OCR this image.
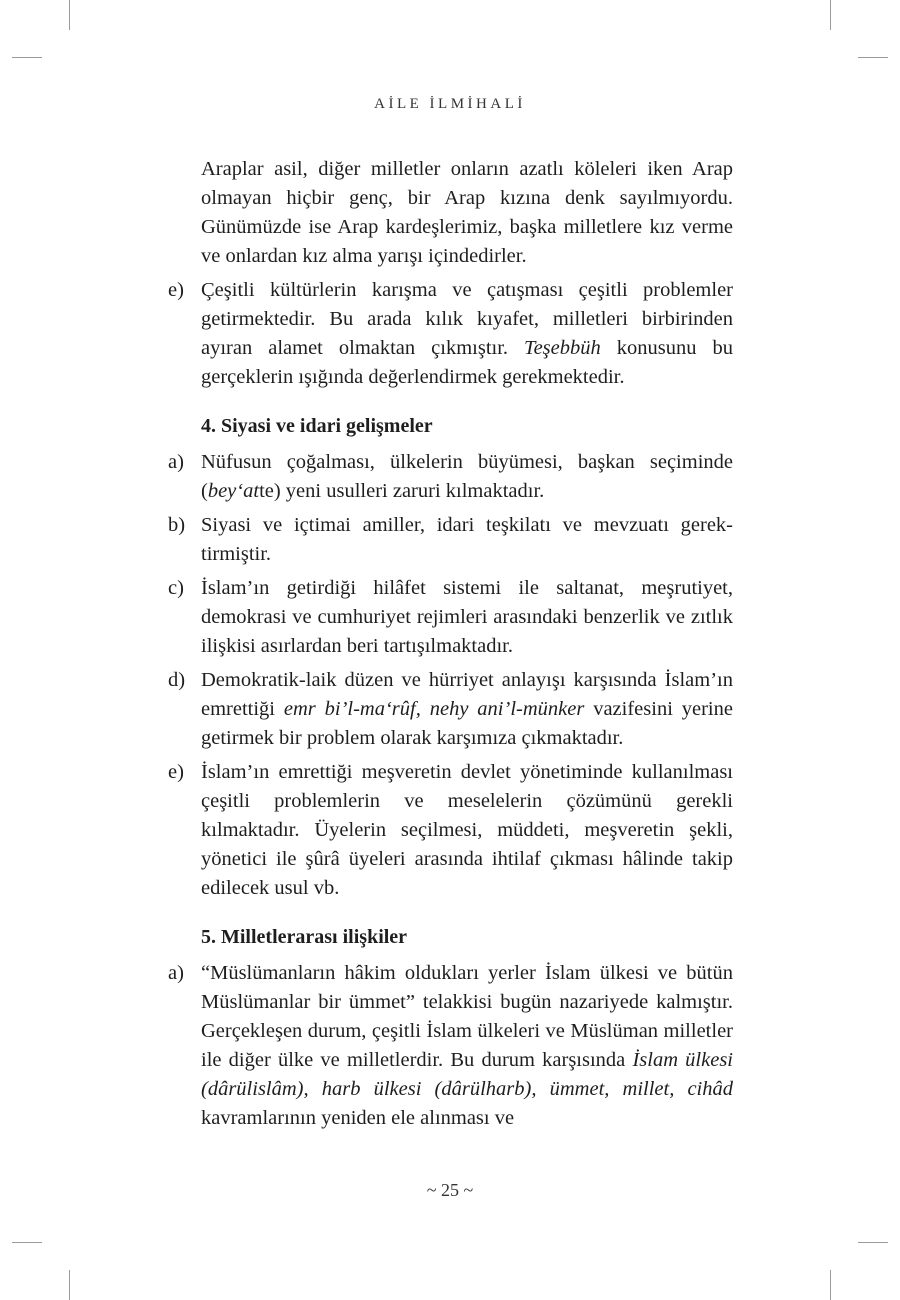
AİLE İLMİHALİ

Araplar asil, diğer milletler onların azatlı köleleri iken Arap olmayan hiçbir genç, bir Arap kızına denk sayılmıyordu. Günümüzde ise Arap kardeşlerimiz, başka milletlere kız verme ve onlardan kız alma yarışı içindedirler.

e) Çeşitli kültürlerin karışma ve çatışması çeşitli problemler getirmektedir. Bu arada kılık kıyafet, milletleri birbirinden ayıran alamet olmaktan çıkmıştır. Teşebbüh konusunu bu gerçeklerin ışığında değerlendirmek gerekmektedir.
4. Siyasi ve idari gelişmeler
a) Nüfusun çoğalması, ülkelerin büyümesi, başkan seçiminde (bey‘atte) yeni usulleri zaruri kılmaktadır.
b) Siyasi ve içtimai amiller, idari teşkilatı ve mevzuatı gerektirmiştir.
c) İslam’ın getirdiği hilâfet sistemi ile saltanat, meşrutiyet, demokrasi ve cumhuriyet rejimleri arasındaki benzerlik ve zıtlık ilişkisi asırlardan beri tartışılmaktadır.
d) Demokratik-laik düzen ve hürriyet anlayışı karşısında İslam’ın emrettiği emr bi’l-ma‘rûf, nehy ani’l-münker vazifesini yerine getirmek bir problem olarak karşımıza çıkmaktadır.
e) İslam’ın emrettiği meşveretin devlet yönetiminde kullanılması çeşitli problemlerin ve meselelerin çözümünü gerekli kılmaktadır. Üyelerin seçilmesi, müddeti, meşveretin şekli, yönetici ile şûrâ üyeleri arasında ihtilaf çıkması hâlinde takip edilecek usul vb.
5. Milletlerarası ilişkiler
a) “Müslümanların hâkim oldukları yerler İslam ülkesi ve bütün Müslümanlar bir ümmet” telakkisi bugün nazariyede kalmıştır. Gerçekleşen durum, çeşitli İslam ülkeleri ve Müslüman milletler ile diğer ülke ve milletlerdir. Bu durum karşısında İslam ülkesi (dârülislâm), harb ülkesi (dârülharb), ümmet, millet, cihâd kavramlarının yeniden ele alınması ve
~ 25 ~
